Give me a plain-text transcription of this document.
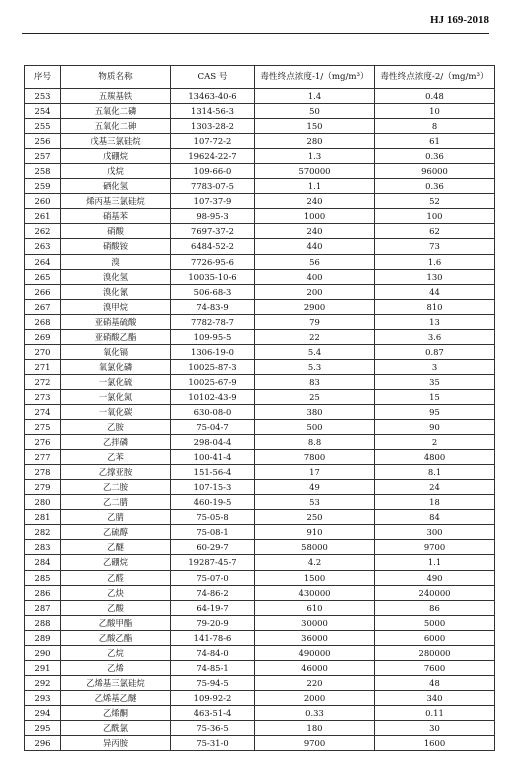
HJ 169-2018
序号	物质名称	CAS 号	毒性终点浓度-1/（mg/m³）	毒性终点浓度-2/（mg/m³）
253	五羰基铁	13463-40-6	1.4	0.48
254	五氧化二磷	1314-56-3	50	10
255	五氧化二砷	1303-28-2	150	8
256	戊基三氯硅烷	107-72-2	280	61
257	戊硼烷	19624-22-7	1.3	0.36
258	戊烷	109-66-0	570000	96000
259	硒化氢	7783-07-5	1.1	0.36
260	烯丙基三氯硅烷	107-37-9	240	52
261	硝基苯	98-95-3	1000	100
262	硝酸	7697-37-2	240	62
263	硝酸铵	6484-52-2	440	73
264	溴	7726-95-6	56	1.6
265	溴化氢	10035-10-6	400	130
266	溴化氰	506-68-3	200	44
267	溴甲烷	74-83-9	2900	810
268	亚硝基硫酸	7782-78-7	79	13
269	亚硝酸乙酯	109-95-5	22	3.6
270	氧化镉	1306-19-0	5.4	0.87
271	氧氯化磷	10025-87-3	5.3	3
272	一氯化硫	10025-67-9	83	35
273	一氯化氮	10102-43-9	25	15
274	一氧化碳	630-08-0	380	95
275	乙胺	75-04-7	500	90
276	乙拌磷	298-04-4	8.8	2
277	乙苯	100-41-4	7800	4800
278	乙撑亚胺	151-56-4	17	8.1
279	乙二胺	107-15-3	49	24
280	乙二腈	460-19-5	53	18
281	乙腈	75-05-8	250	84
282	乙硫醇	75-08-1	910	300
283	乙醚	60-29-7	58000	9700
284	乙硼烷	19287-45-7	4.2	1.1
285	乙醛	75-07-0	1500	490
286	乙炔	74-86-2	430000	240000
287	乙酸	64-19-7	610	86
288	乙酸甲酯	79-20-9	30000	5000
289	乙酸乙酯	141-78-6	36000	6000
290	乙烷	74-84-0	490000	280000
291	乙烯	74-85-1	46000	7600
292	乙烯基三氯硅烷	75-94-5	220	48
293	乙烯基乙醚	109-92-2	2000	340
294	乙烯酮	463-51-4	0.33	0.11
295	乙酰氯	75-36-5	180	30
296	异丙胺	75-31-0	9700	1600
